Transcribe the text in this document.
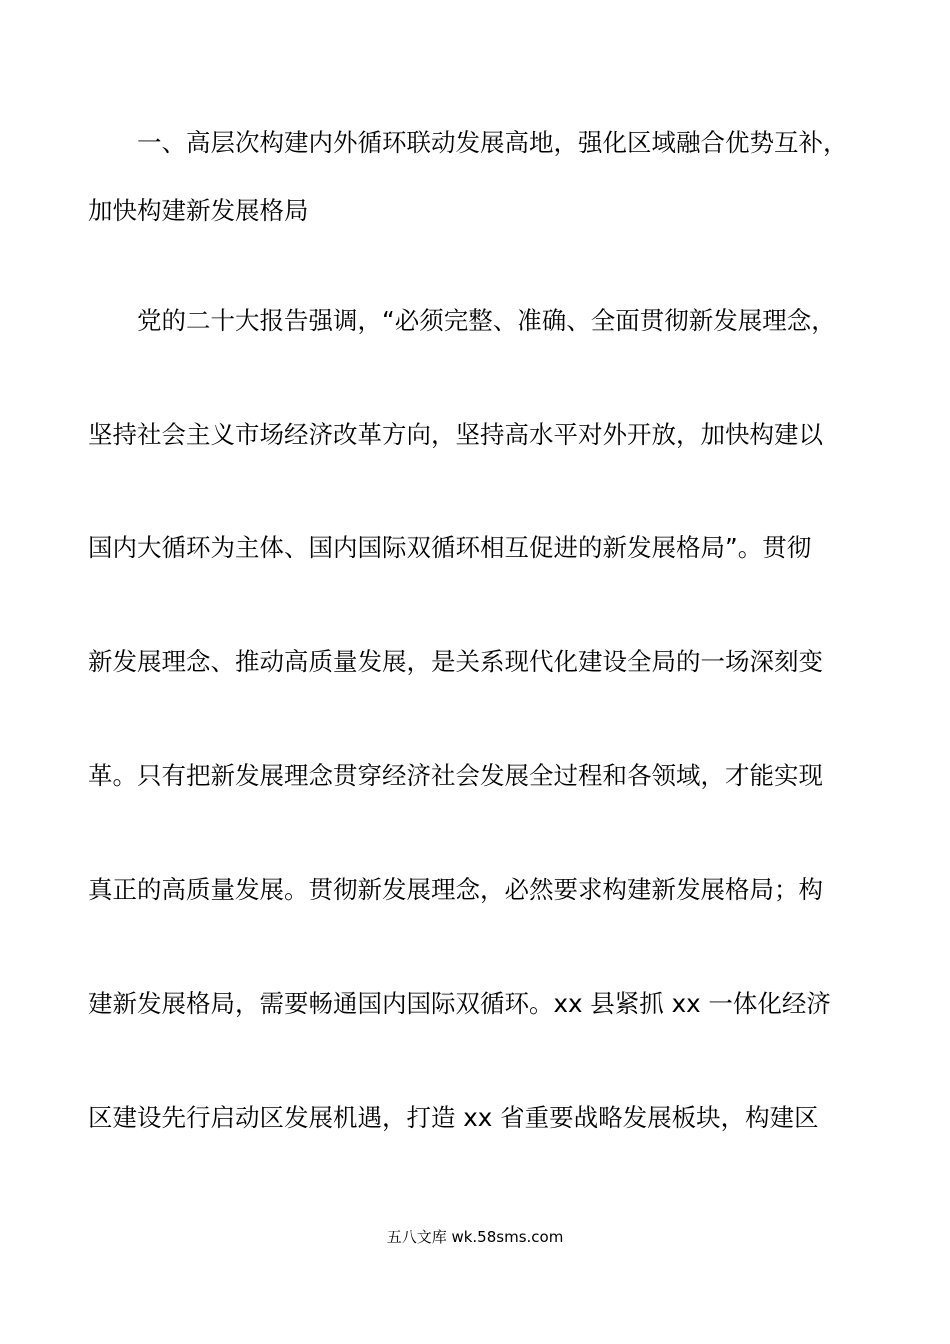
一、高层次构建内外循环联动发展高地，强化区域融合优势互补，
加快构建新发展格局
党的二十大报告强调，“必须完整、准确、全面贯彻新发展理念，
坚持社会主义市场经济改革方向，坚持高水平对外开放，加快构建以
国内大循环为主体、国内国际双循环相互促进的新发展格局”。贯彻
新发展理念、推动高质量发展，是关系现代化建设全局的一场深刻变
革。只有把新发展理念贯穿经济社会发展全过程和各领域，才能实现
真正的高质量发展。贯彻新发展理念，必然要求构建新发展格局；构
建新发展格局，需要畅通国内国际双循环。xx 县紧抓 xx 一体化经济
区建设先行启动区发展机遇，打造 xx 省重要战略发展板块，构建区
五八文库 wk.58sms.com
